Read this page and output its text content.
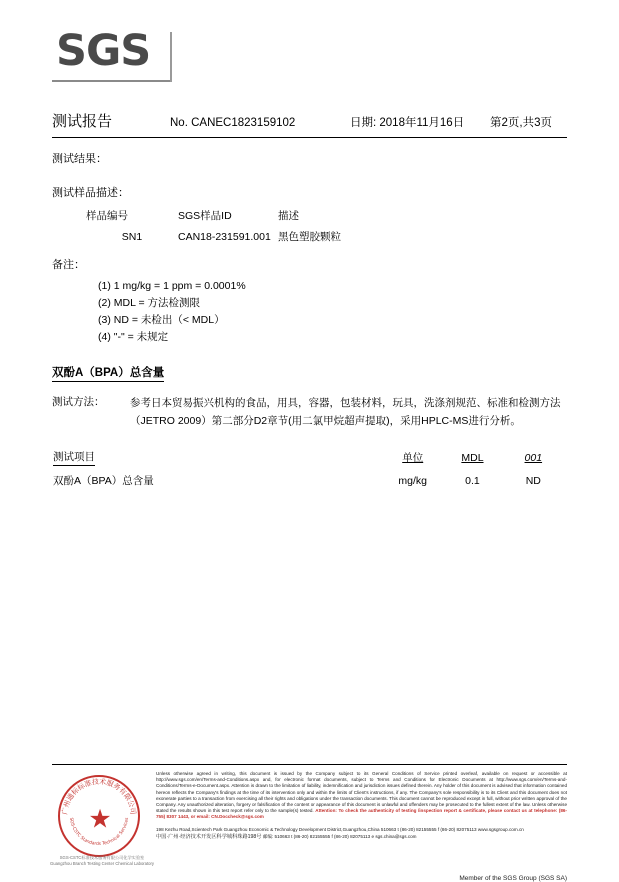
SGS
测试报告	No. CANEC1823159102	日期: 2018年11月16日	第2页,共3页
测试结果：
测试样品描述：
样品编号	SGS样品ID	描述
SN1	CAN18-231591.001	黑色塑胶颗粒
备注：
(1) 1 mg/kg = 1 ppm = 0.0001%
(2) MDL = 方法检测限
(3) ND = 未检出（< MDL）
(4) "-" = 未规定
双酚A（BPA）总含量
测试方法：	参考日本贸易振兴机构的食品，用具，容器，包装材料，玩具，洗涤剂规范、标准和检测方法（JETRO 2009）第二部分D2章节(用二氯甲烷超声提取)，采用HPLC-MS进行分析。
测试项目	单位	MDL	001
双酚A（BPA）总含量	mg/kg	0.1	ND
广州通标标准技术服务有限公司
SGS-CSTC Standards Technical Services
★
SGS-CSTC标准技术服务有限公司化学实验室 Guangzhou Branch Testing Center Chemical Laboratory
Unless otherwise agreed in writing, this document is issued by the Company subject to its General Conditions of Service printed overleaf, available on request or accessible at http://www.sgs.com/en/Terms-and-Conditions.aspx and, for electronic format documents, subject to Terms and Conditions for Electronic Documents at http://www.sgs.com/en/Terms-and-Conditions/Terms-e-Document.aspx. Attention is drawn to the limitation of liability, indemnification and jurisdiction issues defined therein. Any holder of this document is advised that information contained hereon reflects the Company's findings at the time of its intervention only and within the limits of Client's instructions, if any. The Company's sole responsibility is to its Client and this document does not exonerate parties to a transaction from exercising all their rights and obligations under the transaction documents. This document cannot be reproduced except in full, without prior written approval of the Company. Any unauthorized alteration, forgery or falsification of the content or appearance of this document is unlawful and offenders may be prosecuted to the fullest extent of the law. Unless otherwise stated the results shown in this test report refer only to the sample(s) tested. Attention: To check the authenticity of testing /inspection report & certificate, please contact us at telephone: (86-755) 8307 1443, or email: CN.Doccheck@sgs.com
198 Kezhu Road,Scientech Park Guangzhou Economic & Technology Development District,Guangzhou,China 510663 t (86-20) 82155555 f (86-20) 82075113 www.sgsgroup.com.cn
中国·广州·经济技术开发区科学城科珠路198号 邮编: 510663 t (86-20) 82155555 f (86-20) 82075113 e sgs.china@sgs.com
Member of the SGS Group (SGS SA)
